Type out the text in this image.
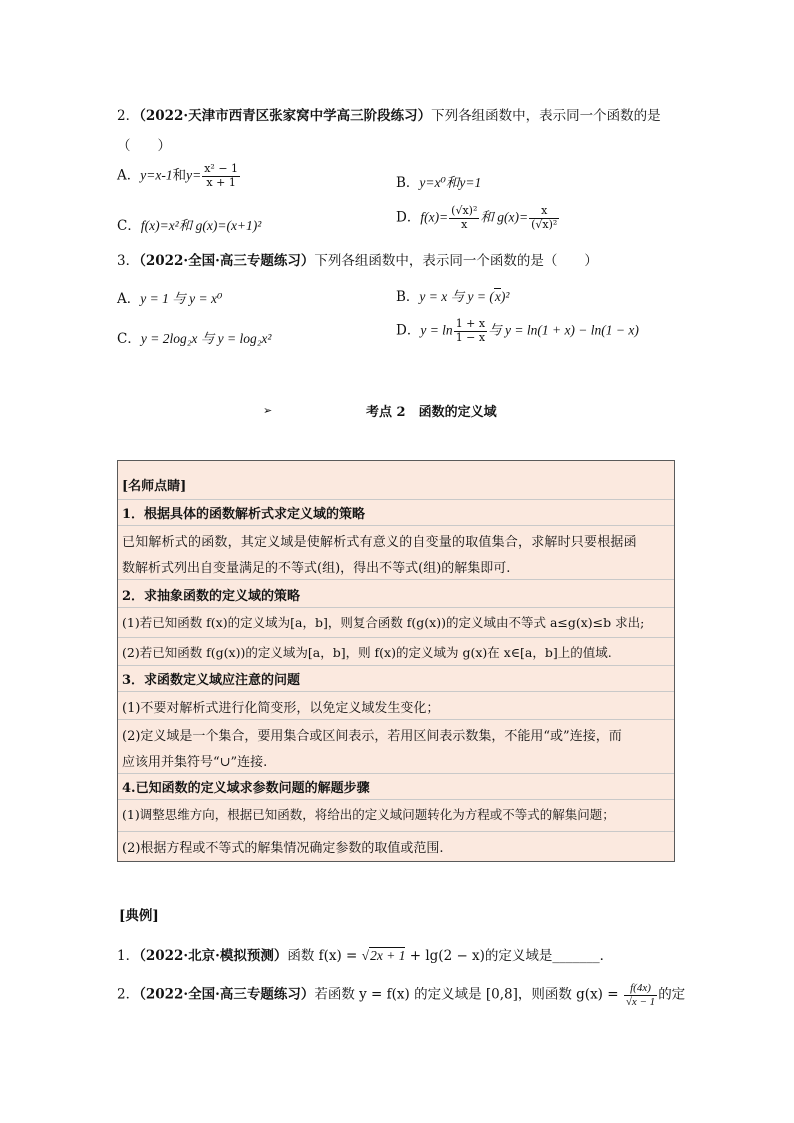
2．（2022·天津市西青区张家窝中学高三阶段练习）下列各组函数中，表示同一个函数的是
（　　）
A．y=x-1和$y= \frac{\text{x² − 1}}{x + 1}$	B．y=x⁰和y=1
C．f(x)=x²和 g(x)=(x+1)²	D．$f(x)= \frac{\text{(√x)²}}{x}$ 和 $g(x)= \frac{x}{\text{(√x)²}}$
3．（2022·全国·高三专题练习）下列各组函数中，表示同一个函数的是（　　）
A．y = 1 与 y = x⁰	B．y = x 与 y = (x)²
C．y = 2log₂x 与 y = log₂x²	D．$y = \ln \frac{1 + x}{1 - x}$ 与 y = ln(1 + x) − ln(1 − x)
➢	考点 2　函数的定义域
[名师点睛]
1．根据具体的函数解析式求定义域的策略
已知解析式的函数，其定义域是使解析式有意义的自变量的取值集合，求解时只要根据函
数解析式列出自变量满足的不等式(组)，得出不等式(组)的解集即可.
2．求抽象函数的定义域的策略
(1)若已知函数 f(x)的定义域为[a，b]，则复合函数 f(g(x))的定义域由不等式 a≤g(x)≤b 求出;
(2)若已知函数 f(g(x))的定义域为[a，b]，则 f(x)的定义域为 g(x)在 x∈[a，b]上的值域.
3．求函数定义域应注意的问题
(1)不要对解析式进行化简变形，以免定义域发生变化；
(2)定义域是一个集合，要用集合或区间表示，若用区间表示数集，不能用“或”连接，而
应该用并集符号“∪”连接.
4.已知函数的定义域求参数问题的解题步骤
(1)调整思维方向，根据已知函数，将给出的定义域问题转化为方程或不等式的解集问题；
(2)根据方程或不等式的解集情况确定参数的取值或范围.
[典例]
1．（2022·北京·模拟预测）函数 f(x) = √2x + 1 + lg(2 − x)的定义域是_______．
2．（2022·全国·高三专题练习）若函数 y = f(x) 的定义域是 [0,8]，则函数 $g(x) = \frac{f(4x)}{√x - 1}$ 的定
